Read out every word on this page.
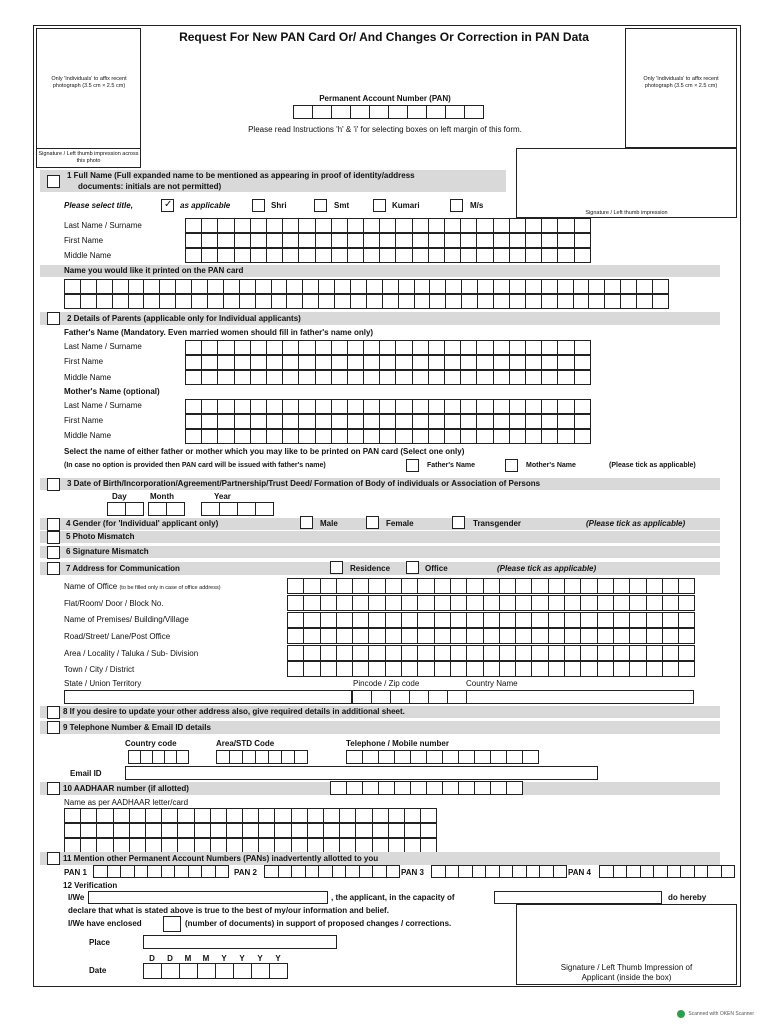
Only 'Individuals' to affix recent photograph (3.5 cm × 2.5 cm)
Signature / Left thumb impression across this photo
Only 'Individuals' to affix recent photograph (3.5 cm × 2.5 cm)
Request For New PAN Card Or/ And Changes Or Correction in PAN Data
Permanent Account Number (PAN)
Please read Instructions 'h' & 'i' for selecting boxes on left margin of this form.
Signature / Left thumb impression
1 Full Name (Full expanded name to be mentioned as appearing in proof of identity/address
documents: initials are not permitted)
Please select title,	✓ as applicable	Shri	Smt	Kumari	M/s
Last Name / Surname
First Name
Middle Name
Name you would like it printed on the PAN card
2 Details of Parents (applicable only for Individual applicants)
Father's Name (Mandatory. Even married women should fill in father's name only)
Last Name / Surname
First Name
Middle Name
Mother's Name (optional)
Last Name / Surname
First Name
Middle Name
Select the name of either father or mother which you may like to be printed on PAN card (Select one only)
(In case no option is provided then PAN card will be issued with father's name)	Father's Name	Mother's Name	(Please tick as applicable)
3 Date of Birth/Incorporation/Agreement/Partnership/Trust Deed/ Formation of Body of individuals or Association of Persons
Day	Month	Year
4 Gender (for 'Individual' applicant only)	Male	Female	Transgender	(Please tick as applicable)
5 Photo Mismatch
6 Signature Mismatch
7 Address for Communication	Residence	Office	(Please tick as applicable)
Name of Office (to be filled only in case of office address)
Flat/Room/ Door / Block No.
Name of Premises/ Building/Village
Road/Street/ Lane/Post Office
Area / Locality / Taluka / Sub- Division
Town / City / District
State / Union Territory	Pincode / Zip code	Country Name
8 If you desire to update your other address also, give required details in additional sheet.
9 Telephone Number & Email ID details
Country code	Area/STD Code	Telephone / Mobile number
Email ID
10 AADHAAR number (if allotted)
Name as per AADHAAR letter/card
11 Mention other Permanent Account Numbers (PANs) inadvertently allotted to you
PAN 1	PAN 2	PAN 3	PAN 4
12 Verification
I/We	, the applicant, in the capacity of	do hereby
declare that what is stated above is true to the best of my/our information and belief.
I/We have enclosed	(number of documents) in support of proposed changes / corrections.
Place
D	D	M	M	Y	Y	Y	Y
Date	Signature / Left Thumb Impression of
Applicant (inside the box)
Scanned with OKEN Scanner
